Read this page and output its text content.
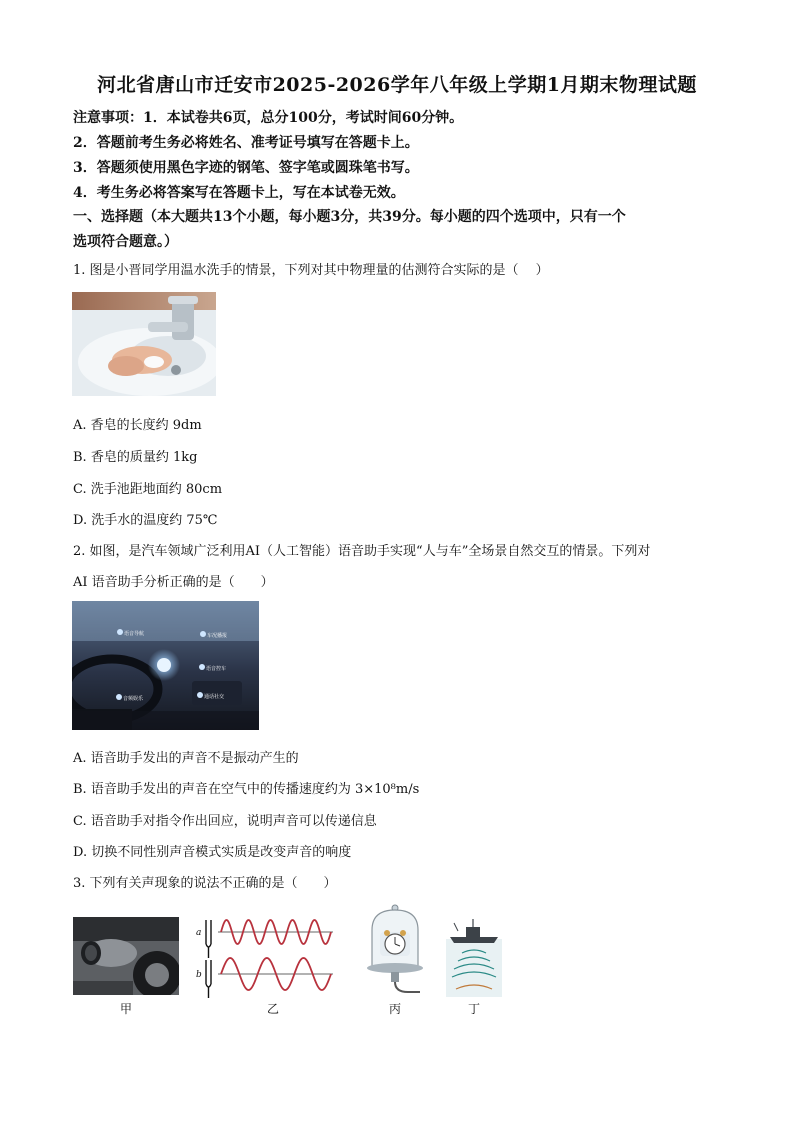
河北省唐山市迁安市2025-2026学年八年级上学期1月期末物理试题
注意事项：1．本试卷共6页，总分100分，考试时间60分钟。
2．答题前考生务必将姓名、准考证号填写在答题卡上。
3．答题须使用黑色字迹的钢笔、签字笔或圆珠笔书写。
4．考生务必将答案写在答题卡上，写在本试卷无效。
一、选择题（本大题共13个小题，每小题3分，共39分。每小题的四个选项中，只有一个
选项符合题意。）
1. 图是小晋同学用温水洗手的情景，下列对其中物理量的估测符合实际的是（　 ）
A. 香皂的长度约 9dm
B. 香皂的质量约 1kg
C. 洗手池距地面约 80cm
D. 洗手水的温度约 75℃
2. 如图，是汽车领域广泛利用AI（人工智能）语音助手实现“人与车”全场景自然交互的情景。下列对
AI 语音助手分析正确的是（　　）
语音导航	车况播报
语音控车
音频娱乐	通话社交
A. 语音助手发出的声音不是振动产生的
B. 语音助手发出的声音在空气中的传播速度约为 3×10⁸m/s
C. 语音助手对指令作出回应，说明声音可以传递信息
D. 切换不同性别声音模式实质是改变声音的响度
3. 下列有关声现象的说法不正确的是（　　）
甲
a
b
乙	丙	丁
